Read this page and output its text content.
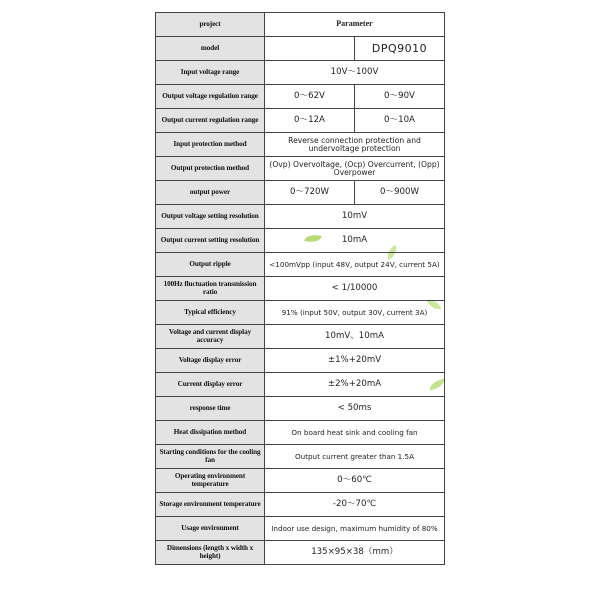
project	Parameter	
model		DPQ9010
Input voltage range	10V～100V	
Output voltage regulation range	0～62V	0～90V
Output current regulation range	0～12A	0～10A
Input protection method	Reverse connection protection and undervoltage protection	
Output protection method	(Ovp) Overvoltage, (Ocp) Overcurrent, (Opp) Overpower	
output power	0～720W	0～900W
Output voltage setting resolution	10mV	
Output current setting resolution	10mA	
Output ripple	<100mVpp (input 48V, output 24V, current 5A)	
100Hz fluctuation transmission ratio	< 1/10000	
Typical efficiency	91% (input 50V, output 30V, current 3A)	
Voltage and current display accuracy	10mV、10mA	
Voltage display error	±1%+20mV	
Current display error	±2%+20mA	
response time	< 50ms	
Heat dissipation method	On board heat sink and cooling fan	
Starting conditions for the cooling fan	Output current greater than 1.5A	
Operating environment temperature	0～60℃	
Storage environment temperature	-20～70℃	
Usage environment	Indoor use design, maximum humidity of 80%	
Dimensions (length x width x height)	135×95×38（mm）	
